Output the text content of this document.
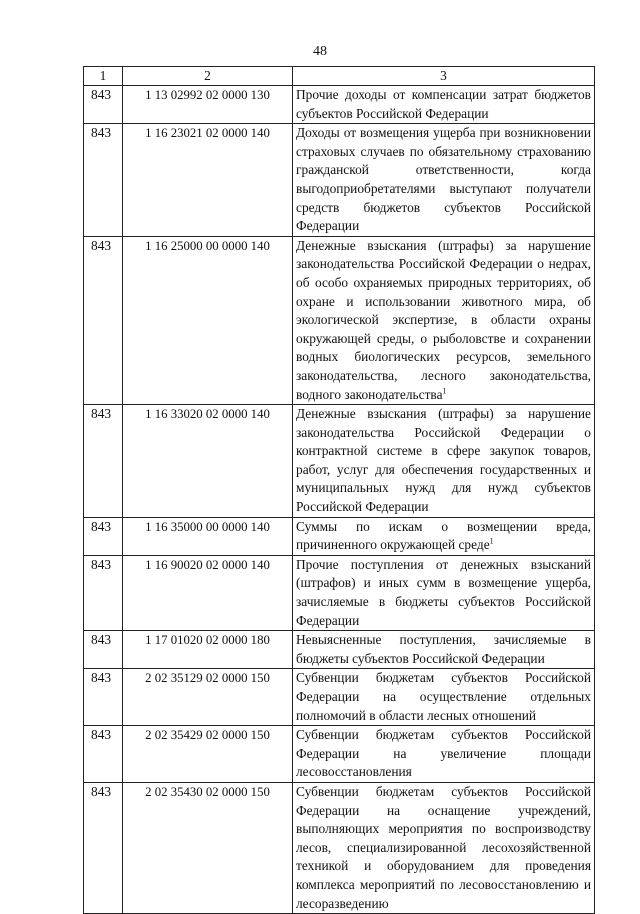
48
1	2	3
843	1 13 02992 02 0000 130	Прочие доходы от компенсации затрат бюджетов субъектов Российской Федерации
843	1 16 23021 02 0000 140	Доходы от возмещения ущерба при возникновении страховых случаев по обязательному страхованию гражданской ответственности, когда выгодоприобретателями выступают получатели средств бюджетов субъектов Российской Федерации
843	1 16 25000 00 0000 140	Денежные взыскания (штрафы) за нарушение законодательства Российской Федерации о недрах, об особо охраняемых природных территориях, об охране и использовании животного мира, об экологической экспертизе, в области охраны окружающей среды, о рыболовстве и сохранении водных биологических ресурсов, земельного законодательства, лесного законодательства, водного законодательства$^1$
843	1 16 33020 02 0000 140	Денежные взыскания (штрафы) за нарушение законодательства Российской Федерации о контрактной системе в сфере закупок товаров, работ, услуг для обеспечения государственных и муниципальных нужд для нужд субъектов Российской Федерации
843	1 16 35000 00 0000 140	Суммы по искам о возмещении вреда, причиненного окружающей среде$^1$
843	1 16 90020 02 0000 140	Прочие поступления от денежных взысканий (штрафов) и иных сумм в возмещение ущерба, зачисляемые в бюджеты субъектов Российской Федерации
843	1 17 01020 02 0000 180	Невыясненные поступления, зачисляемые в бюджеты субъектов Российской Федерации
843	2 02 35129 02 0000 150	Субвенции бюджетам субъектов Российской Федерации на осуществление отдельных полномочий в области лесных отношений
843	2 02 35429 02 0000 150	Субвенции бюджетам субъектов Российской Федерации на увеличение площади лесовосстановления
843	2 02 35430 02 0000 150	Субвенции бюджетам субъектов Российской Федерации на оснащение учреждений, выполняющих мероприятия по воспроизводству лесов, специализированной лесохозяйственной техникой и оборудованием для проведения комплекса мероприятий по лесовосстановлению и лесоразведению
